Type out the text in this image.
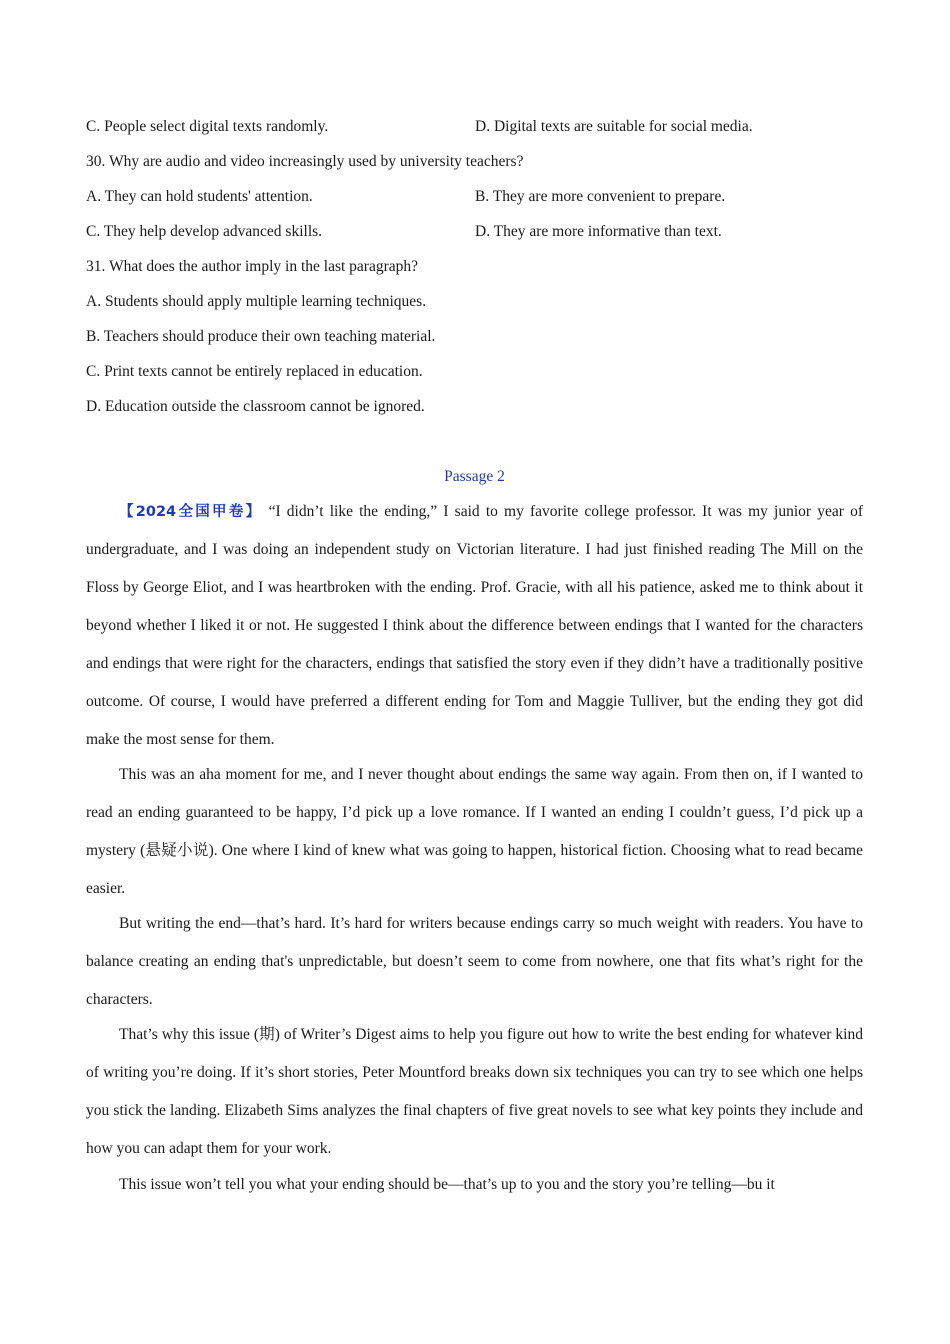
C. People select digital texts randomly.	D. Digital texts are suitable for social media.
30. Why are audio and video increasingly used by university teachers?
A. They can hold students' attention.	B. They are more convenient to prepare.
C. They help develop advanced skills.	D. They are more informative than text.
31. What does the author imply in the last paragraph?
A. Students should apply multiple learning techniques.
B. Teachers should produce their own teaching material.
C. Print texts cannot be entirely replaced in education.
D. Education outside the classroom cannot be ignored.
Passage 2
【2024全国甲卷】 “I didn’t like the ending,” I said to my favorite college professor. It was my junior year of undergraduate, and I was doing an independent study on Victorian literature. I had just finished reading The Mill on the Floss by George Eliot, and I was heartbroken with the ending. Prof. Gracie, with all his patience, asked me to think about it beyond whether I liked it or not. He suggested I think about the difference between endings that I wanted for the characters and endings that were right for the characters, endings that satisfied the story even if they didn’t have a traditionally positive outcome. Of course, I would have preferred a different ending for Tom and Maggie Tulliver, but the ending they got did make the most sense for them.
This was an aha moment for me, and I never thought about endings the same way again. From then on, if I wanted to read an ending guaranteed to be happy, I’d pick up a love romance. If I wanted an ending I couldn’t guess, I’d pick up a mystery (悬疑小说). One where I kind of knew what was going to happen, historical fiction. Choosing what to read became easier.
But writing the end—that’s hard. It’s hard for writers because endings carry so much weight with readers. You have to balance creating an ending that's unpredictable, but doesn’t seem to come from nowhere, one that fits what’s right for the characters.
That’s why this issue (期) of Writer’s Digest aims to help you figure out how to write the best ending for whatever kind of writing you’re doing. If it’s short stories, Peter Mountford breaks down six techniques you can try to see which one helps you stick the landing. Elizabeth Sims analyzes the final chapters of five great novels to see what key points they include and how you can adapt them for your work.
This issue won’t tell you what your ending should be—that’s up to you and the story you’re telling—bu it
